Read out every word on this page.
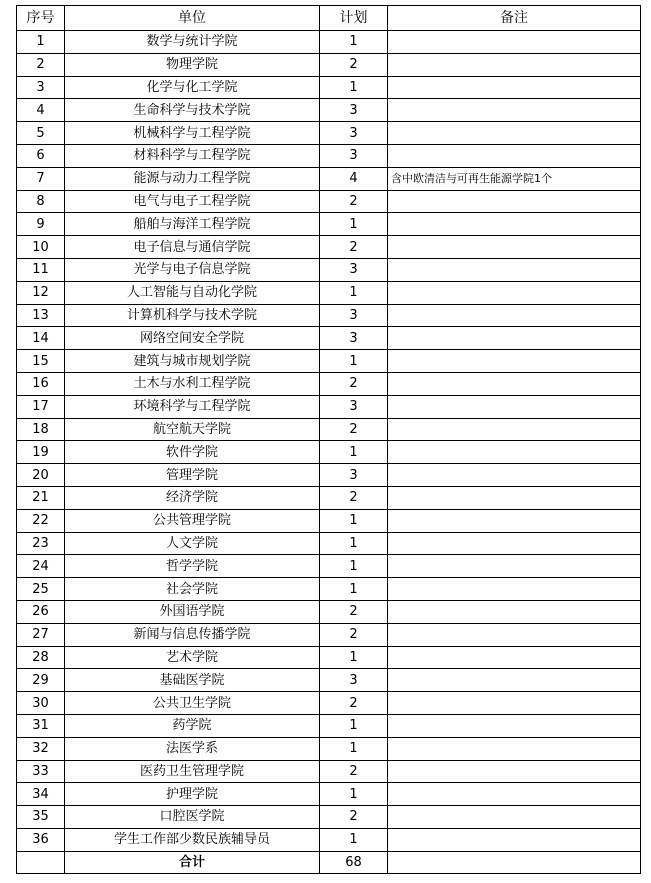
序号	单位	计划	备注
1	数学与统计学院	1	
2	物理学院	2	
3	化学与化工学院	1	
4	生命科学与技术学院	3	
5	机械科学与工程学院	3	
6	材料科学与工程学院	3	
7	能源与动力工程学院	4	含中欧清洁与可再生能源学院1个
8	电气与电子工程学院	2	
9	船舶与海洋工程学院	1	
10	电子信息与通信学院	2	
11	光学与电子信息学院	3	
12	人工智能与自动化学院	1	
13	计算机科学与技术学院	3	
14	网络空间安全学院	3	
15	建筑与城市规划学院	1	
16	土木与水利工程学院	2	
17	环境科学与工程学院	3	
18	航空航天学院	2	
19	软件学院	1	
20	管理学院	3	
21	经济学院	2	
22	公共管理学院	1	
23	人文学院	1	
24	哲学学院	1	
25	社会学院	1	
26	外国语学院	2	
27	新闻与信息传播学院	2	
28	艺术学院	1	
29	基础医学院	3	
30	公共卫生学院	2	
31	药学院	1	
32	法医学系	1	
33	医药卫生管理学院	2	
34	护理学院	1	
35	口腔医学院	2	
36	学生工作部少数民族辅导员	1	
	合计	68	
